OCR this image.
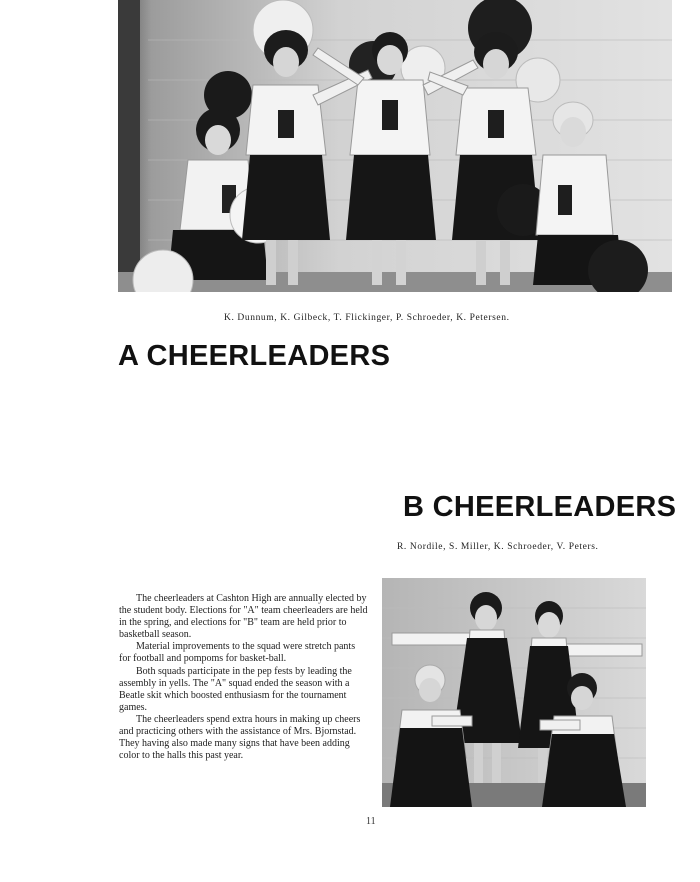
K. Dunnum, K. Gilbeck, T. Flickinger, P. Schroeder, K. Petersen.
A CHEERLEADERS
B CHEERLEADERS
R. Nordile, S. Miller, K. Schroeder, V. Peters.

The cheerleaders at Cashton High are annually elected by the student body. Elections for "A" team cheerleaders are held in the spring, and elections for "B" team are held prior to basketball season.

Material improvements to the squad were stretch pants for football and pompoms for basket-ball.

Both squads participate in the pep fests by leading the assembly in yells. The "A" squad ended the season with a Beatle skit which boosted enthusiasm for the tournament games.

The cheerleaders spend extra hours in making up cheers and practicing others with the assistance of Mrs. Bjornstad. They having also made many signs that have been adding color to the halls this past year.

11
